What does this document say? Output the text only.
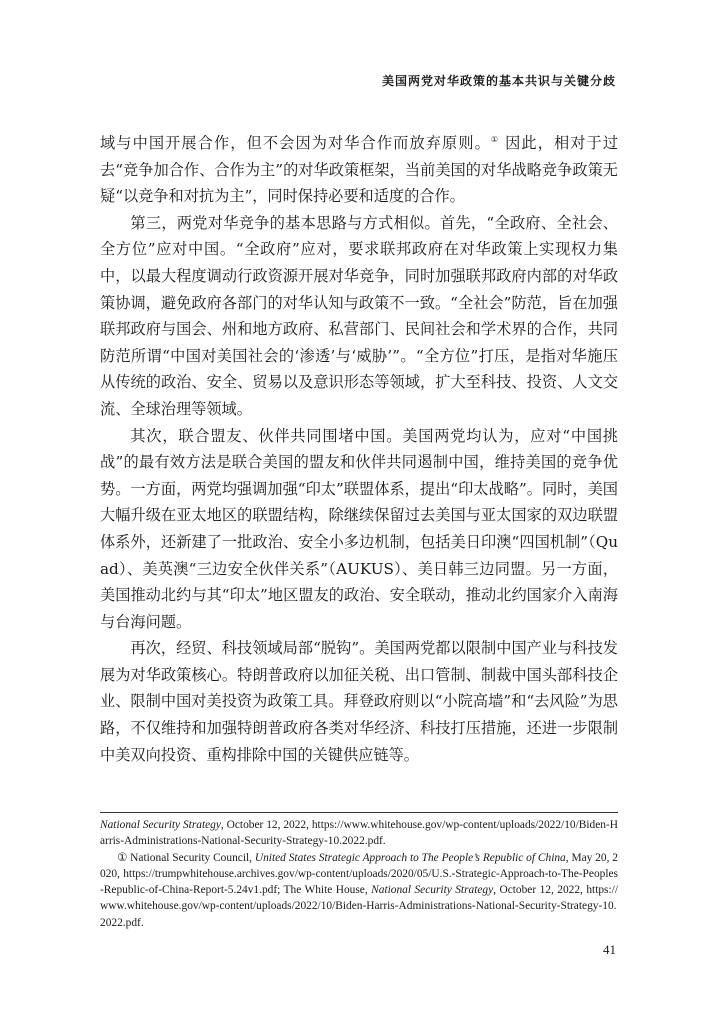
美国两党对华政策的基本共识与关键分歧

域与中国开展合作，但不会因为对华合作而放弃原则。① 因此，相对于过去“竞争加合作、合作为主”的对华政策框架，当前美国的对华战略竞争政策无疑“以竞争和对抗为主”，同时保持必要和适度的合作。

第三，两党对华竞争的基本思路与方式相似。首先，“全政府、全社会、全方位”应对中国。“全政府”应对，要求联邦政府在对华政策上实现权力集中，以最大程度调动行政资源开展对华竞争，同时加强联邦政府内部的对华政策协调，避免政府各部门的对华认知与政策不一致。“全社会”防范，旨在加强联邦政府与国会、州和地方政府、私营部门、民间社会和学术界的合作，共同防范所谓“中国对美国社会的‘渗透’与‘威胁’”。“全方位”打压，是指对华施压从传统的政治、安全、贸易以及意识形态等领域，扩大至科技、投资、人文交流、全球治理等领域。

其次，联合盟友、伙伴共同围堵中国。美国两党均认为，应对“中国挑战”的最有效方法是联合美国的盟友和伙伴共同遏制中国，维持美国的竞争优势。一方面，两党均强调加强“印太”联盟体系，提出“印太战略”。同时，美国大幅升级在亚太地区的联盟结构，除继续保留过去美国与亚太国家的双边联盟体系外，还新建了一批政治、安全小多边机制，包括美日印澳“四国机制”（Quad）、美英澳“三边安全伙伴关系”（AUKUS）、美日韩三边同盟。另一方面，美国推动北约与其“印太”地区盟友的政治、安全联动，推动北约国家介入南海与台海问题。

再次，经贸、科技领域局部“脱钩”。美国两党都以限制中国产业与科技发展为对华政策核心。特朗普政府以加征关税、出口管制、制裁中国头部科技企业、限制中国对美投资为政策工具。拜登政府则以“小院高墙”和“去风险”为思路，不仅维持和加强特朗普政府各类对华经济、科技打压措施，还进一步限制中美双向投资、重构排除中国的关键供应链等。

National Security Strategy, October 12, 2022, https://www.whitehouse.gov/wp-content/uploads/2022/10/Biden-Harris-Administrations-National-Security-Strategy-10.2022.pdf.

① National Security Council, United States Strategic Approach to The People’s Republic of China, May 20, 2020, https://trumpwhitehouse.archives.gov/wp-content/uploads/2020/05/U.S.-Strategic-Approach-to-The-Peoples-Republic-of-China-Report-5.24v1.pdf; The White House, National Security Strategy, October 12, 2022, https://www.whitehouse.gov/wp-content/uploads/2022/10/Biden-Harris-Administrations-National-Security-Strategy-10.2022.pdf.

41
